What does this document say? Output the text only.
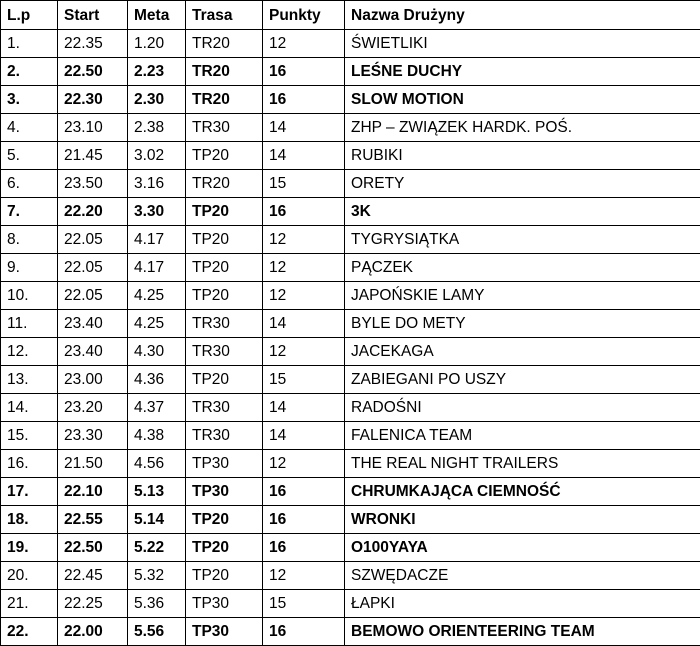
L.p	Start	Meta	Trasa	Punkty	Nazwa Drużyny
1.	22.35	1.20	TR20	12	ŚWIETLIKI
2.	22.50	2.23	TR20	16	LEŚNE DUCHY
3.	22.30	2.30	TR20	16	SLOW MOTION
4.	23.10	2.38	TR30	14	ZHP – ZWIĄZEK HARDK. POŚ.
5.	21.45	3.02	TP20	14	RUBIKI
6.	23.50	3.16	TR20	15	ORETY
7.	22.20	3.30	TP20	16	3K
8.	22.05	4.17	TP20	12	TYGRYSIĄTKA
9.	22.05	4.17	TP20	12	PĄCZEK
10.	22.05	4.25	TP20	12	JAPOŃSKIE LAMY
11.	23.40	4.25	TR30	14	BYLE DO METY
12.	23.40	4.30	TR30	12	JACEKAGA
13.	23.00	4.36	TP20	15	ZABIEGANI PO USZY
14.	23.20	4.37	TR30	14	RADOŚNI
15.	23.30	4.38	TR30	14	FALENICA TEAM
16.	21.50	4.56	TP30	12	THE REAL NIGHT TRAILERS
17.	22.10	5.13	TP30	16	CHRUMKAJĄCA CIEMNOŚĆ
18.	22.55	5.14	TP20	16	WRONKI
19.	22.50	5.22	TP20	16	O100YAYA
20.	22.45	5.32	TP20	12	SZWĘDACZE
21.	22.25	5.36	TP30	15	ŁAPKI
22.	22.00	5.56	TP30	16	BEMOWO ORIENTEERING TEAM
